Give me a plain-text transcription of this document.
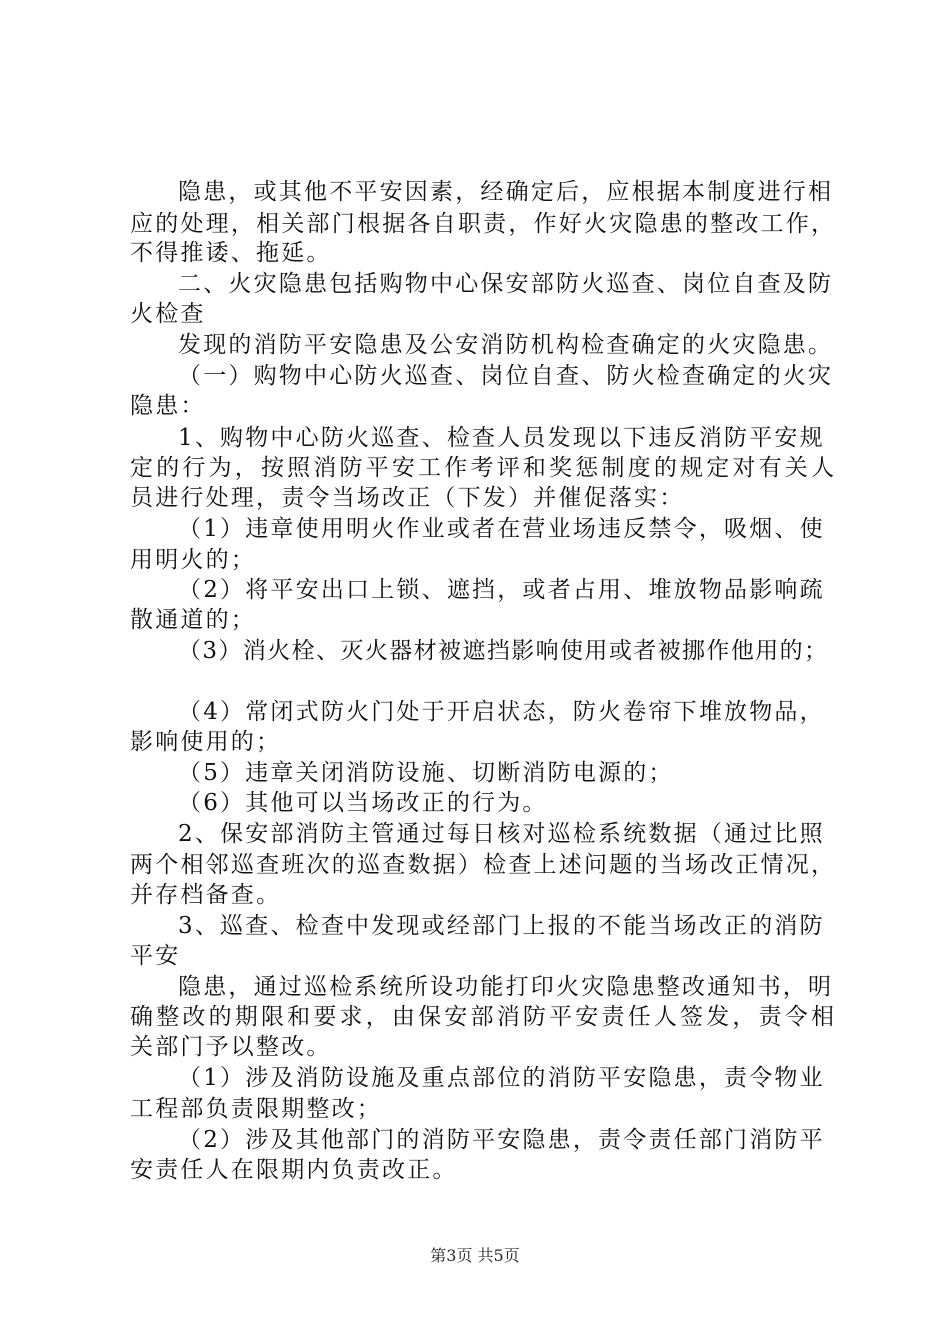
隐患，或其他不平安因素，经确定后，应根据本制度进行相
应的处理，相关部门根据各自职责，作好火灾隐患的整改工作，
不得推诿、拖延。
二、火灾隐患包括购物中心保安部防火巡查、岗位自查及防
火检查
发现的消防平安隐患及公安消防机构检查确定的火灾隐患。
（一）购物中心防火巡查、岗位自查、防火检查确定的火灾
隐患：
1、购物中心防火巡查、检查人员发现以下违反消防平安规
定的行为，按照消防平安工作考评和奖惩制度的规定对有关人
员进行处理，责令当场改正（下发）并催促落实：
（1）违章使用明火作业或者在营业场违反禁令，吸烟、使
用明火的；
（2）将平安出口上锁、遮挡，或者占用、堆放物品影响疏
散通道的；
（3）消火栓、灭火器材被遮挡影响使用或者被挪作他用的；
（4）常闭式防火门处于开启状态，防火卷帘下堆放物品，
影响使用的；
（5）违章关闭消防设施、切断消防电源的；
（6）其他可以当场改正的行为。
2、保安部消防主管通过每日核对巡检系统数据（通过比照
两个相邻巡查班次的巡查数据）检查上述问题的当场改正情况，
并存档备查。
3、巡查、检查中发现或经部门上报的不能当场改正的消防
平安
隐患，通过巡检系统所设功能打印火灾隐患整改通知书，明
确整改的期限和要求，由保安部消防平安责任人签发，责令相
关部门予以整改。
（1）涉及消防设施及重点部位的消防平安隐患，责令物业
工程部负责限期整改；
（2）涉及其他部门的消防平安隐患，责令责任部门消防平
安责任人在限期内负责改正。
第3页 共5页
